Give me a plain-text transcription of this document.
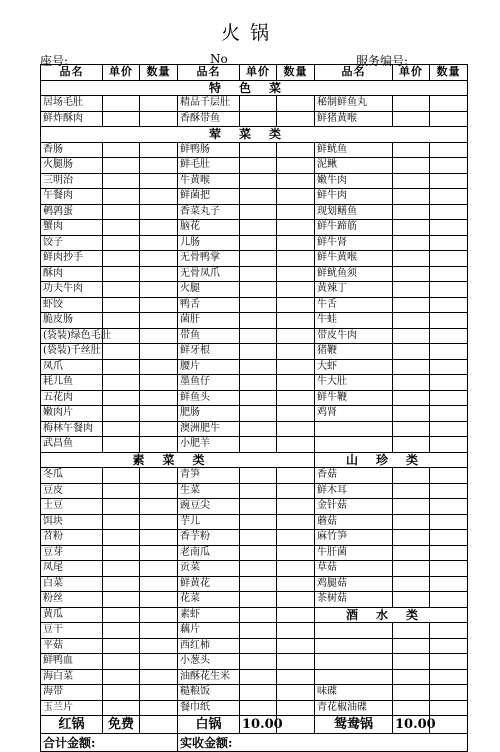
火锅
座号:	No	服务编号:
品名	单价	数量	品名	单价	数量	品名	单价	数量
特色菜								
居场毛肚			精品千层肚			秘制鲜鱼丸		
鲜炸酥肉			香酥带鱼			鲜猪黄喉		
荤菜类								
香肠			鲜鸭肠			鲜鱿鱼		
火腿肠			鲜毛肚			泥鳅		
三明治			牛黄喉			嫩牛肉		
午餐肉			鲜菌把			鲜牛肉		
鹌鹑蛋			香菜丸子			现划鳝鱼		
蟹肉			脑花			鲜牛蹄筋		
饺子			儿肠			鲜牛肾		
鲜肉抄手			无骨鸭掌			鲜牛黄喉		
酥肉			无骨凤爪			鲜鱿鱼须		
功夫牛肉			火腿			黄辣丁		
虾饺			鸭舌			牛舌		
脆皮肠			菌肝			牛蛙		
(袋装)绿色毛肚			带鱼			带皮牛肉		
(袋装)千丝肚			鲜牙根			猪鞭		
凤爪			腰片			大虾		
耗儿鱼			墨鱼仔			牛大肚		
五花肉			鲜鱼头			鲜牛鞭		
嫩肉片			肥肠			鸡肾		
梅林午餐肉			澳洲肥牛					
武昌鱼			小肥羊					
素菜类						山珍类		
冬瓜			青笋			香菇		
豆皮			生菜			鲜木耳		
土豆			豌豆尖			金针菇		
饵块			芋儿			蘑菇		
苕粉			香芋粉			麻竹笋		
豆芽			老南瓜			牛肝菌		
凤尾			贡菜			草菇		
白菜			鲜黄花			鸡腿菇		
粉丝			花菜			茶树菇		
黄瓜			素虾			酒水类		
豆干			藕片					
平菇			西红柿					
鲜鸭血			小葱头					
海白菜			油酥花生米					
海带			糙粮饭			味碟		
玉兰片			餐巾纸			青花椒油碟		
红锅	免费		白锅	10.00		鸳鸯锅	10.00	
合计金额:			实收金额:					
